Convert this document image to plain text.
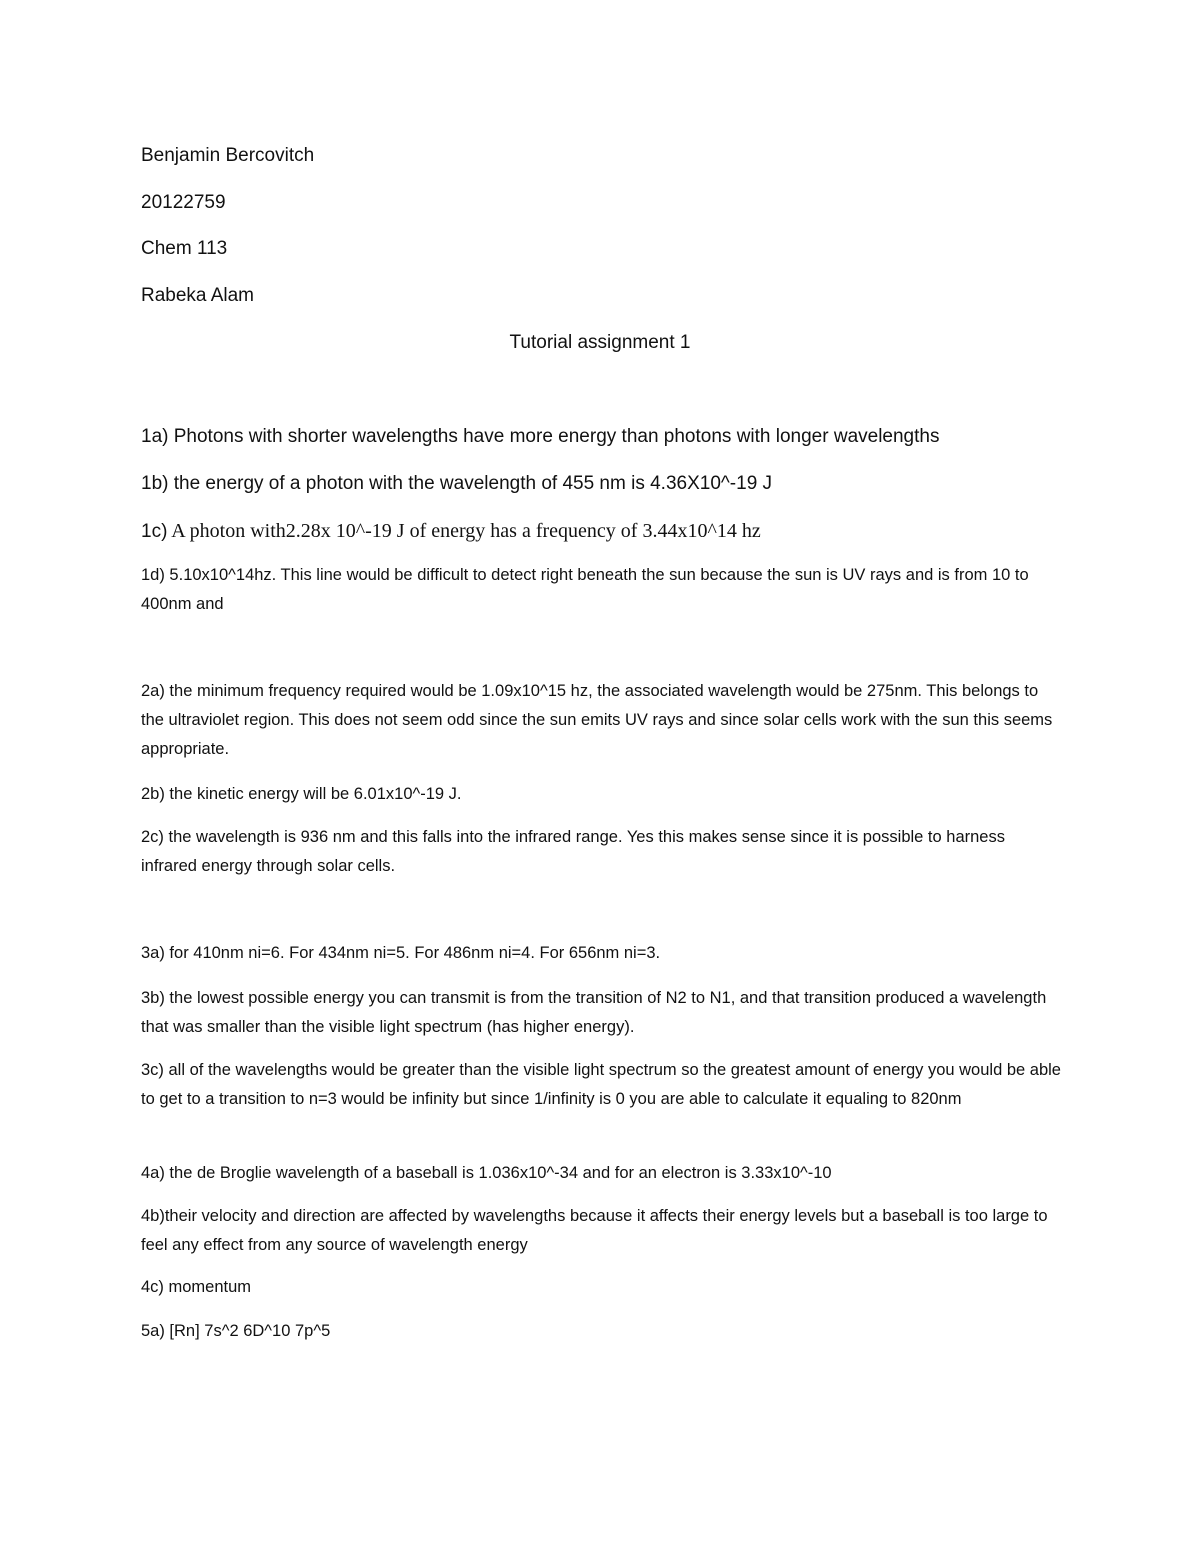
Benjamin Bercovitch

20122759

Chem 113

Rabeka Alam

Tutorial assignment 1

1a) Photons with shorter wavelengths have more energy than photons with longer wavelengths

1b) the energy of a photon with the wavelength of 455 nm is 4.36X10^-19 J

1c) A photon with2.28x 10^-19 J of energy has a frequency of 3.44x10^14 hz

1d) 5.10x10^14hz. This line would be difficult to detect right beneath the sun because the sun is UV rays and is from 10 to 400nm and

2a) the minimum frequency required would be 1.09x10^15 hz, the associated wavelength would be 275nm. This belongs to the ultraviolet region. This does not seem odd since the sun emits UV rays and since solar cells work with the sun this seems appropriate.

2b) the kinetic energy will be 6.01x10^-19 J.

2c) the wavelength is 936 nm and this falls into the infrared range. Yes this makes sense since it is possible to harness infrared energy through solar cells.

3a) for 410nm ni=6. For 434nm ni=5. For 486nm ni=4. For 656nm ni=3.

3b) the lowest possible energy you can transmit is from the transition of N2 to N1, and that transition produced a wavelength that was smaller than the visible light spectrum (has higher energy).

3c) all of the wavelengths would be greater than the visible light spectrum so the greatest amount of energy you would be able to get to a transition to n=3 would be infinity but since 1/infinity is 0 you are able to calculate it equaling to 820nm

4a) the de Broglie wavelength of a baseball is 1.036x10^-34 and for an electron is 3.33x10^-10

4b)their velocity and direction are affected by wavelengths because it affects their energy levels but a baseball is too large to feel any effect from any source of wavelength energy

4c) momentum

5a) [Rn] 7s^2 6D^10 7p^5
